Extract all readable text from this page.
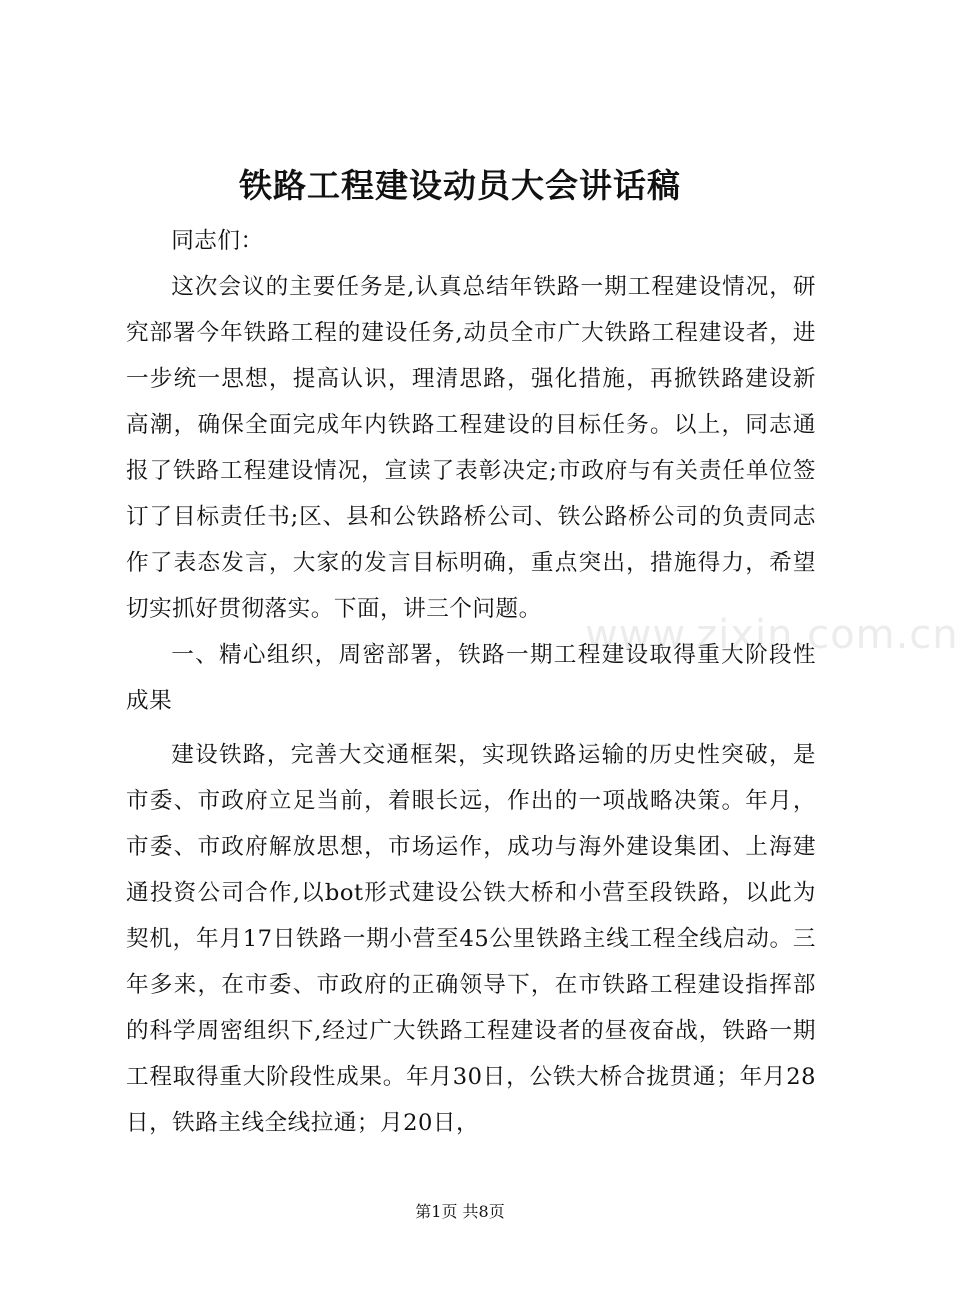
www.zixin.com.cn
铁路工程建设动员大会讲话稿

同志们：

这次会议的主要任务是,认真总结年铁路一期工程建设情况，研究部署今年铁路工程的建设任务,动员全市广大铁路工程建设者，进一步统一思想，提高认识，理清思路，强化措施，再掀铁路建设新高潮，确保全面完成年内铁路工程建设的目标任务。以上，同志通报了铁路工程建设情况，宣读了表彰决定;市政府与有关责任单位签订了目标责任书;区、县和公铁路桥公司、铁公路桥公司的负责同志作了表态发言，大家的发言目标明确，重点突出，措施得力，希望切实抓好贯彻落实。下面，讲三个问题。

一、精心组织，周密部署，铁路一期工程建设取得重大阶段性成果

建设铁路，完善大交通框架，实现铁路运输的历史性突破，是市委、市政府立足当前，着眼长远，作出的一项战略决策。年月，市委、市政府解放思想，市场运作，成功与海外建设集团、上海建通投资公司合作,以bot形式建设公铁大桥和小营至段铁路，以此为契机，年月17日铁路一期小营至45公里铁路主线工程全线启动。三年多来，在市委、市政府的正确领导下，在市铁路工程建设指挥部的科学周密组织下,经过广大铁路工程建设者的昼夜奋战，铁路一期工程取得重大阶段性成果。年月30日，公铁大桥合拢贯通；年月28日，铁路主线全线拉通；月20日，

第1页 共8页
